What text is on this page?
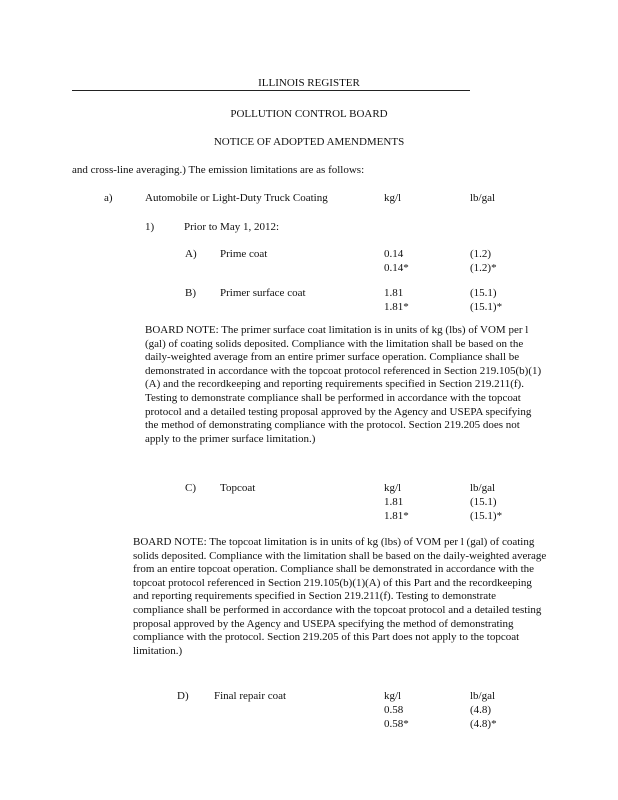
ILLINOIS REGISTER
POLLUTION CONTROL BOARD
NOTICE OF ADOPTED AMENDMENTS
and cross-line averaging.) The emission limitations are as follows:
a)	Automobile or Light-Duty Truck Coating	kg/l	lb/gal
1)	Prior to May 1, 2012:
A) Prime coat	0.14	(1.2)
0.14*	(1.2)*
B) Primer surface coat	1.81	(15.1)
1.81*	(15.1)*
BOARD NOTE: The primer surface coat limitation is in units of kg (lbs) of VOM per l (gal) of coating solids deposited. Compliance with the limitation shall be based on the daily-weighted average from an entire primer surface operation. Compliance shall be demonstrated in accordance with the topcoat protocol referenced in Section 219.105(b)(1)(A) and the recordkeeping and reporting requirements specified in Section 219.211(f). Testing to demonstrate compliance shall be performed in accordance with the topcoat protocol and a detailed testing proposal approved by the Agency and USEPA specifying the method of demonstrating compliance with the protocol. Section 219.205 does not apply to the primer surface limitation.)
C) Topcoat	kg/l	lb/gal
1.81	(15.1)
1.81*	(15.1)*
BOARD NOTE: The topcoat limitation is in units of kg (lbs) of VOM per l (gal) of coating solids deposited. Compliance with the limitation shall be based on the daily-weighted average from an entire topcoat operation. Compliance shall be demonstrated in accordance with the topcoat protocol referenced in Section 219.105(b)(1)(A) of this Part and the recordkeeping and reporting requirements specified in Section 219.211(f). Testing to demonstrate compliance shall be performed in accordance with the topcoat protocol and a detailed testing proposal approved by the Agency and USEPA specifying the method of demonstrating compliance with the protocol. Section 219.205 of this Part does not apply to the topcoat limitation.)
D) Final repair coat	kg/l	lb/gal
0.58	(4.8)
0.58*	(4.8)*
